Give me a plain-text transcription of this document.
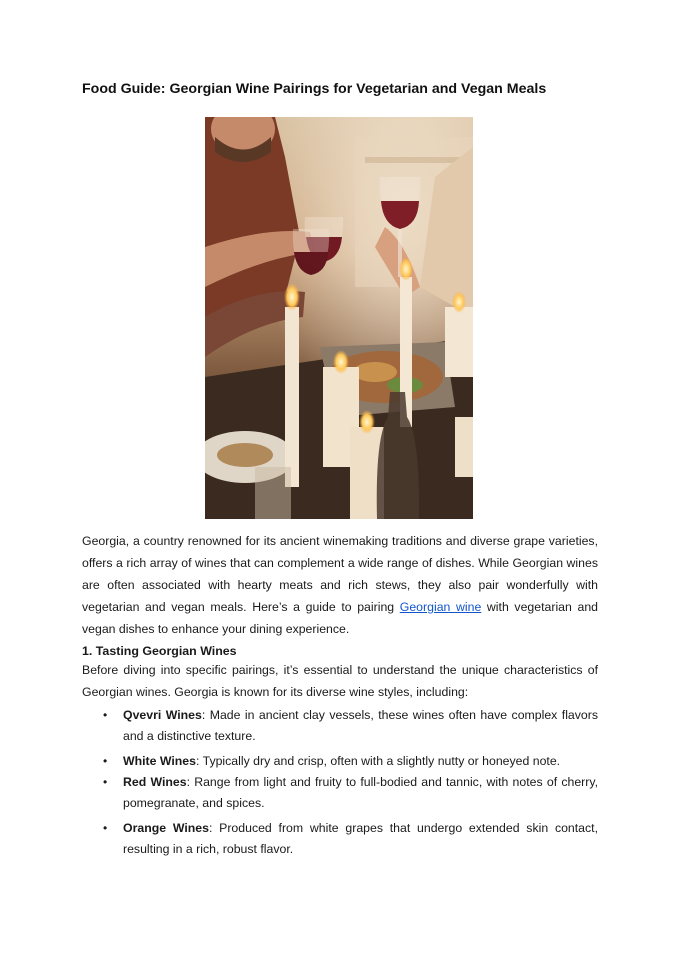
Food Guide: Georgian Wine Pairings for Vegetarian and Vegan Meals

Georgia, a country renowned for its ancient winemaking traditions and diverse grape varieties, offers a rich array of wines that can complement a wide range of dishes. While Georgian wines are often associated with hearty meats and rich stews, they also pair wonderfully with vegetarian and vegan meals. Here’s a guide to pairing Georgian wine with vegetarian and vegan dishes to enhance your dining experience.

1. Tasting Georgian Wines

Before diving into specific pairings, it’s essential to understand the unique characteristics of Georgian wines. Georgia is known for its diverse wine styles, including:

• Qvevri Wines: Made in ancient clay vessels, these wines often have complex flavors and a distinctive texture.
• White Wines: Typically dry and crisp, often with a slightly nutty or honeyed note.
• Red Wines: Range from light and fruity to full-bodied and tannic, with notes of cherry, pomegranate, and spices.
• Orange Wines: Produced from white grapes that undergo extended skin contact, resulting in a rich, robust flavor.
